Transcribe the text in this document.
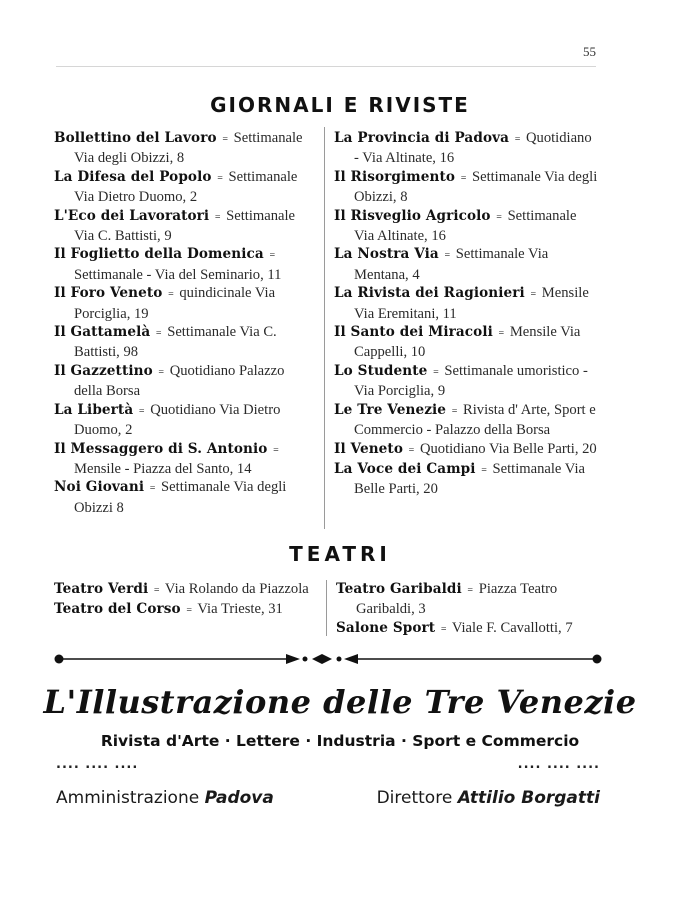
55
GIORNALI E RIVISTE
Bollettino del Lavoro = Settimanale Via degli Obizzi, 8
La Difesa del Popolo = Settimanale Via Dietro Duomo, 2
L'Eco dei Lavoratori = Settimanale Via C. Battisti, 9
Il Foglietto della Domenica = Settimanale - Via del Seminario, 11
Il Foro Veneto = quindicinale Via Porciglia, 19
Il Gattamelà = Settimanale Via C. Battisti, 98
Il Gazzettino = Quotidiano Palazzo della Borsa
La Libertà = Quotidiano Via Dietro Duomo, 2
Il Messaggero di S. Antonio = Mensile - Piazza del Santo, 14
Noi Giovani = Settimanale Via degli Obizzi 8
La Provincia di Padova = Quotidiano - Via Altinate, 16
Il Risorgimento = Settimanale Via degli Obizzi, 8
Il Risveglio Agricolo = Settimanale Via Altinate, 16
La Nostra Via = Settimanale Via Mentana, 4
La Rivista dei Ragionieri = Mensile Via Eremitani, 11
Il Santo dei Miracoli = Mensile Via Cappelli, 10
Lo Studente = Settimanale umoristico - Via Porciglia, 9
Le Tre Venezie = Rivista d' Arte, Sport e Commercio - Palazzo della Borsa
Il Veneto = Quotidiano Via Belle Parti, 20
La Voce dei Campi = Settimanale Via Belle Parti, 20
TEATRI
Teatro Verdi = Via Rolando da Piazzola
Teatro del Corso = Via Trieste, 31
Teatro Garibaldi = Piazza Teatro Garibaldi, 3
Salone Sport = Viale F. Cavallotti, 7
L'Illustrazione delle Tre Venezie
Rivista d'Arte · Lettere · Industria · Sport e Commercio
.... .... ....	.... .... ....
Amministrazione Padova	Direttore Attilio Borgatti
